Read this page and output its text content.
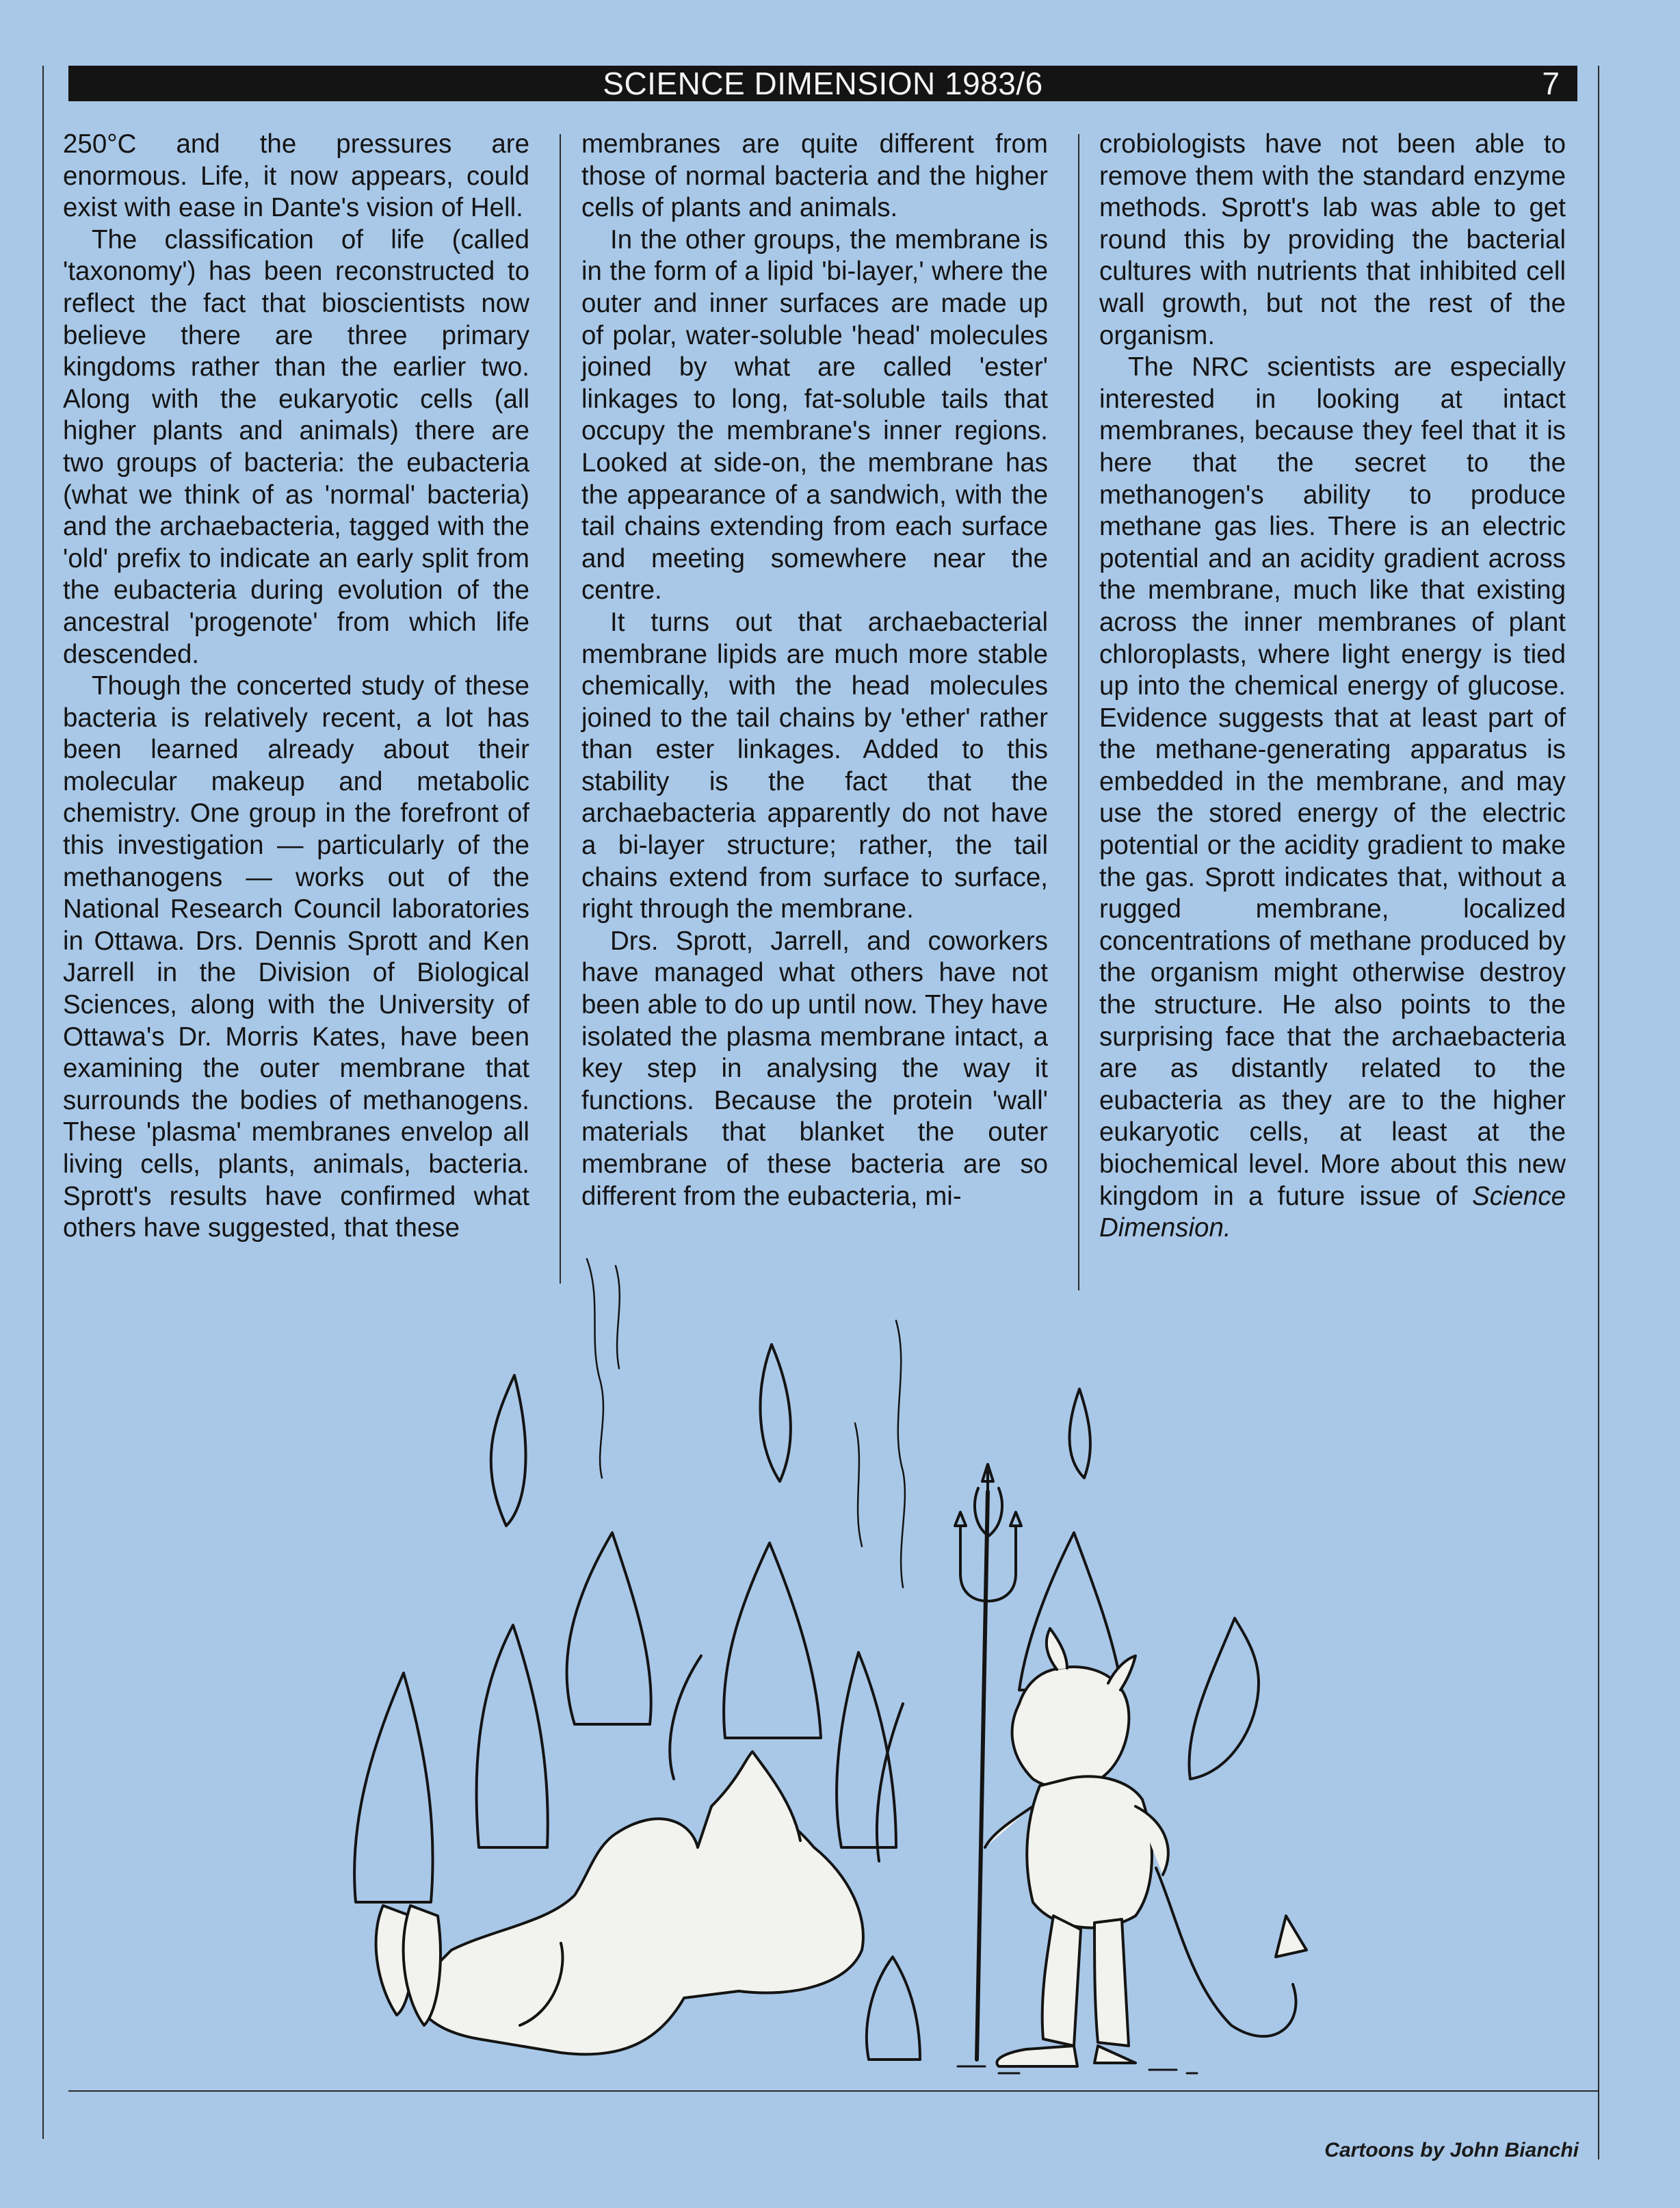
SCIENCE DIMENSION 1983/6	7

250°C and the pressures are enormous. Life, it now appears, could exist with ease in Dante's vision of Hell.

The classification of life (called 'taxonomy') has been reconstructed to reflect the fact that bioscientists now believe there are three primary kingdoms rather than the earlier two. Along with the eukaryotic cells (all higher plants and animals) there are two groups of bacteria: the eubacteria (what we think of as 'normal' bacteria) and the archaebacteria, tagged with the 'old' prefix to indicate an early split from the eubacteria during evolution of the ancestral 'progenote' from which life descended.

Though the concerted study of these bacteria is relatively recent, a lot has been learned already about their molecular makeup and metabolic chemistry. One group in the forefront of this investigation — particularly of the methanogens — works out of the National Research Council laboratories in Ottawa. Drs. Dennis Sprott and Ken Jarrell in the Division of Biological Sciences, along with the University of Ottawa's Dr. Morris Kates, have been examining the outer membrane that surrounds the bodies of methanogens. These 'plasma' membranes envelop all living cells, plants, animals, bacteria. Sprott's results have confirmed what others have suggested, that these

membranes are quite different from those of normal bacteria and the higher cells of plants and animals.

In the other groups, the membrane is in the form of a lipid 'bi-layer,' where the outer and inner surfaces are made up of polar, water-soluble 'head' molecules joined by what are called 'ester' linkages to long, fat-soluble tails that occupy the membrane's inner regions. Looked at side-on, the membrane has the appearance of a sandwich, with the tail chains extending from each surface and meeting somewhere near the centre.

It turns out that archaebacterial membrane lipids are much more stable chemically, with the head molecules joined to the tail chains by 'ether' rather than ester linkages. Added to this stability is the fact that the archaebacteria apparently do not have a bi-layer structure; rather, the tail chains extend from surface to surface, right through the membrane.

Drs. Sprott, Jarrell, and coworkers have managed what others have not been able to do up until now. They have isolated the plasma membrane intact, a key step in analysing the way it functions. Because the protein 'wall' materials that blanket the outer membrane of these bacteria are so different from the eubacteria, mi-

crobiologists have not been able to remove them with the standard enzyme methods. Sprott's lab was able to get round this by providing the bacterial cultures with nutrients that inhibited cell wall growth, but not the rest of the organism.

The NRC scientists are especially interested in looking at intact membranes, because they feel that it is here that the secret to the methanogen's ability to produce methane gas lies. There is an electric potential and an acidity gradient across the membrane, much like that existing across the inner membranes of plant chloroplasts, where light energy is tied up into the chemical energy of glucose. Evidence suggests that at least part of the methane-generating apparatus is embedded in the membrane, and may use the stored energy of the electric potential or the acidity gradient to make the gas. Sprott indicates that, without a rugged membrane, localized concentrations of methane produced by the organism might otherwise destroy the structure. He also points to the surprising face that the archaebacteria are as distantly related to the eubacteria as they are to the higher eukaryotic cells, at least at the biochemical level. More about this new kingdom in a future issue of Science Dimension.

Cartoons by John Bianchi
